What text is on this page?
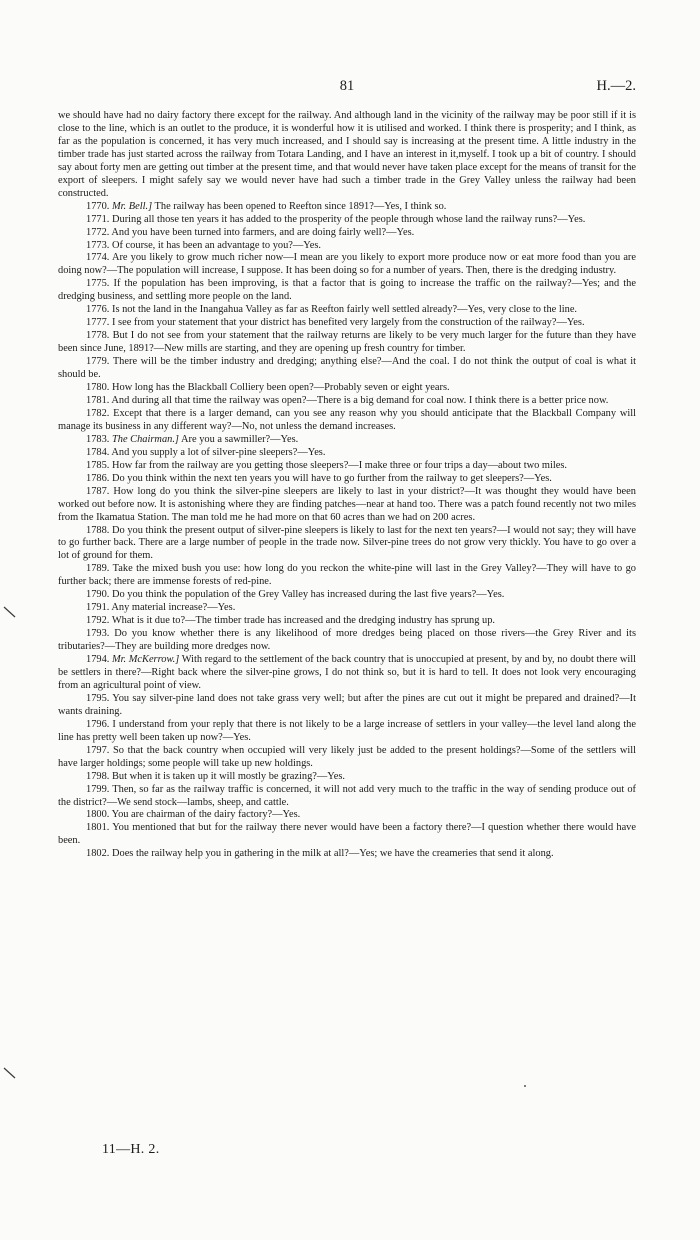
81	H.—2.

we should have had no dairy factory there except for the railway. And although land in the vicinity of the railway may be poor still if it is close to the line, which is an outlet to the produce, it is wonderful how it is utilised and worked. I think there is prosperity; and I think, as far as the population is concerned, it has very much increased, and I should say is increasing at the present time. A little industry in the timber trade has just started across the railway from Totara Landing, and I have an interest in it,myself. I took up a bit of country. I should say about forty men are getting out timber at the present time, and that would never have taken place except for the means of transit for the export of sleepers. I might safely say we would never have had such a timber trade in the Grey Valley unless the railway had been constructed.

1770. Mr. Bell.] The railway has been opened to Reefton since 1891?—Yes, I think so.

1771. During all those ten years it has added to the prosperity of the people through whose land the railway runs?—Yes.

1772. And you have been turned into farmers, and are doing fairly well?—Yes.

1773. Of course, it has been an advantage to you?—Yes.

1774. Are you likely to grow much richer now—I mean are you likely to export more produce now or eat more food than you are doing now?—The population will increase, I suppose. It has been doing so for a number of years. Then, there is the dredging industry.

1775. If the population has been improving, is that a factor that is going to increase the traffic on the railway?—Yes; and the dredging business, and settling more people on the land.

1776. Is not the land in the Inangahua Valley as far as Reefton fairly well settled already?—Yes, very close to the line.

1777. I see from your statement that your district has benefited very largely from the construction of the railway?—Yes.

1778. But I do not see from your statement that the railway returns are likely to be very much larger for the future than they have been since June, 1891?—New mills are starting, and they are opening up fresh country for timber.

1779. There will be the timber industry and dredging; anything else?—And the coal. I do not think the output of coal is what it should be.

1780. How long has the Blackball Colliery been open?—Probably seven or eight years.

1781. And during all that time the railway was open?—There is a big demand for coal now. I think there is a better price now.

1782. Except that there is a larger demand, can you see any reason why you should anticipate that the Blackball Company will manage its business in any different way?—No, not unless the demand increases.

1783. The Chairman.] Are you a sawmiller?—Yes.

1784. And you supply a lot of silver-pine sleepers?—Yes.

1785. How far from the railway are you getting those sleepers?—I make three or four trips a day—about two miles.

1786. Do you think within the next ten years you will have to go further from the railway to get sleepers?—Yes.

1787. How long do you think the silver-pine sleepers are likely to last in your district?—It was thought they would have been worked out before now. It is astonishing where they are finding patches—near at hand too. There was a patch found recently not two miles from the Ikamatua Station. The man told me he had more on that 60 acres than we had on 200 acres.

1788. Do you think the present output of silver-pine sleepers is likely to last for the next ten years?—I would not say; they will have to go further back. There are a large number of people in the trade now. Silver-pine trees do not grow very thickly. You have to go over a lot of ground for them.

1789. Take the mixed bush you use: how long do you reckon the white-pine will last in the Grey Valley?—They will have to go further back; there are immense forests of red-pine.

1790. Do you think the population of the Grey Valley has increased during the last five years?—Yes.

1791. Any material increase?—Yes.

1792. What is it due to?—The timber trade has increased and the dredging industry has sprung up.

1793. Do you know whether there is any likelihood of more dredges being placed on those rivers—the Grey River and its tributaries?—They are building more dredges now.

1794. Mr. McKerrow.] With regard to the settlement of the back country that is unoccupied at present, by and by, no doubt there will be settlers in there?—Right back where the silver-pine grows, I do not think so, but it is hard to tell. It does not look very encouraging from an agricultural point of view.

1795. You say silver-pine land does not take grass very well; but after the pines are cut out it might be prepared and drained?—It wants draining.

1796. I understand from your reply that there is not likely to be a large increase of settlers in your valley—the level land along the line has pretty well been taken up now?—Yes.

1797. So that the back country when occupied will very likely just be added to the present holdings?—Some of the settlers will have larger holdings; some people will take up new holdings.

1798. But when it is taken up it will mostly be grazing?—Yes.

1799. Then, so far as the railway traffic is concerned, it will not add very much to the traffic in the way of sending produce out of the district?—We send stock—lambs, sheep, and cattle.

1800. You are chairman of the dairy factory?—Yes.

1801. You mentioned that but for the railway there never would have been a factory there?—I question whether there would have been.

1802. Does the railway help you in gathering in the milk at all?—Yes; we have the creameries that send it along.

11—H. 2.
